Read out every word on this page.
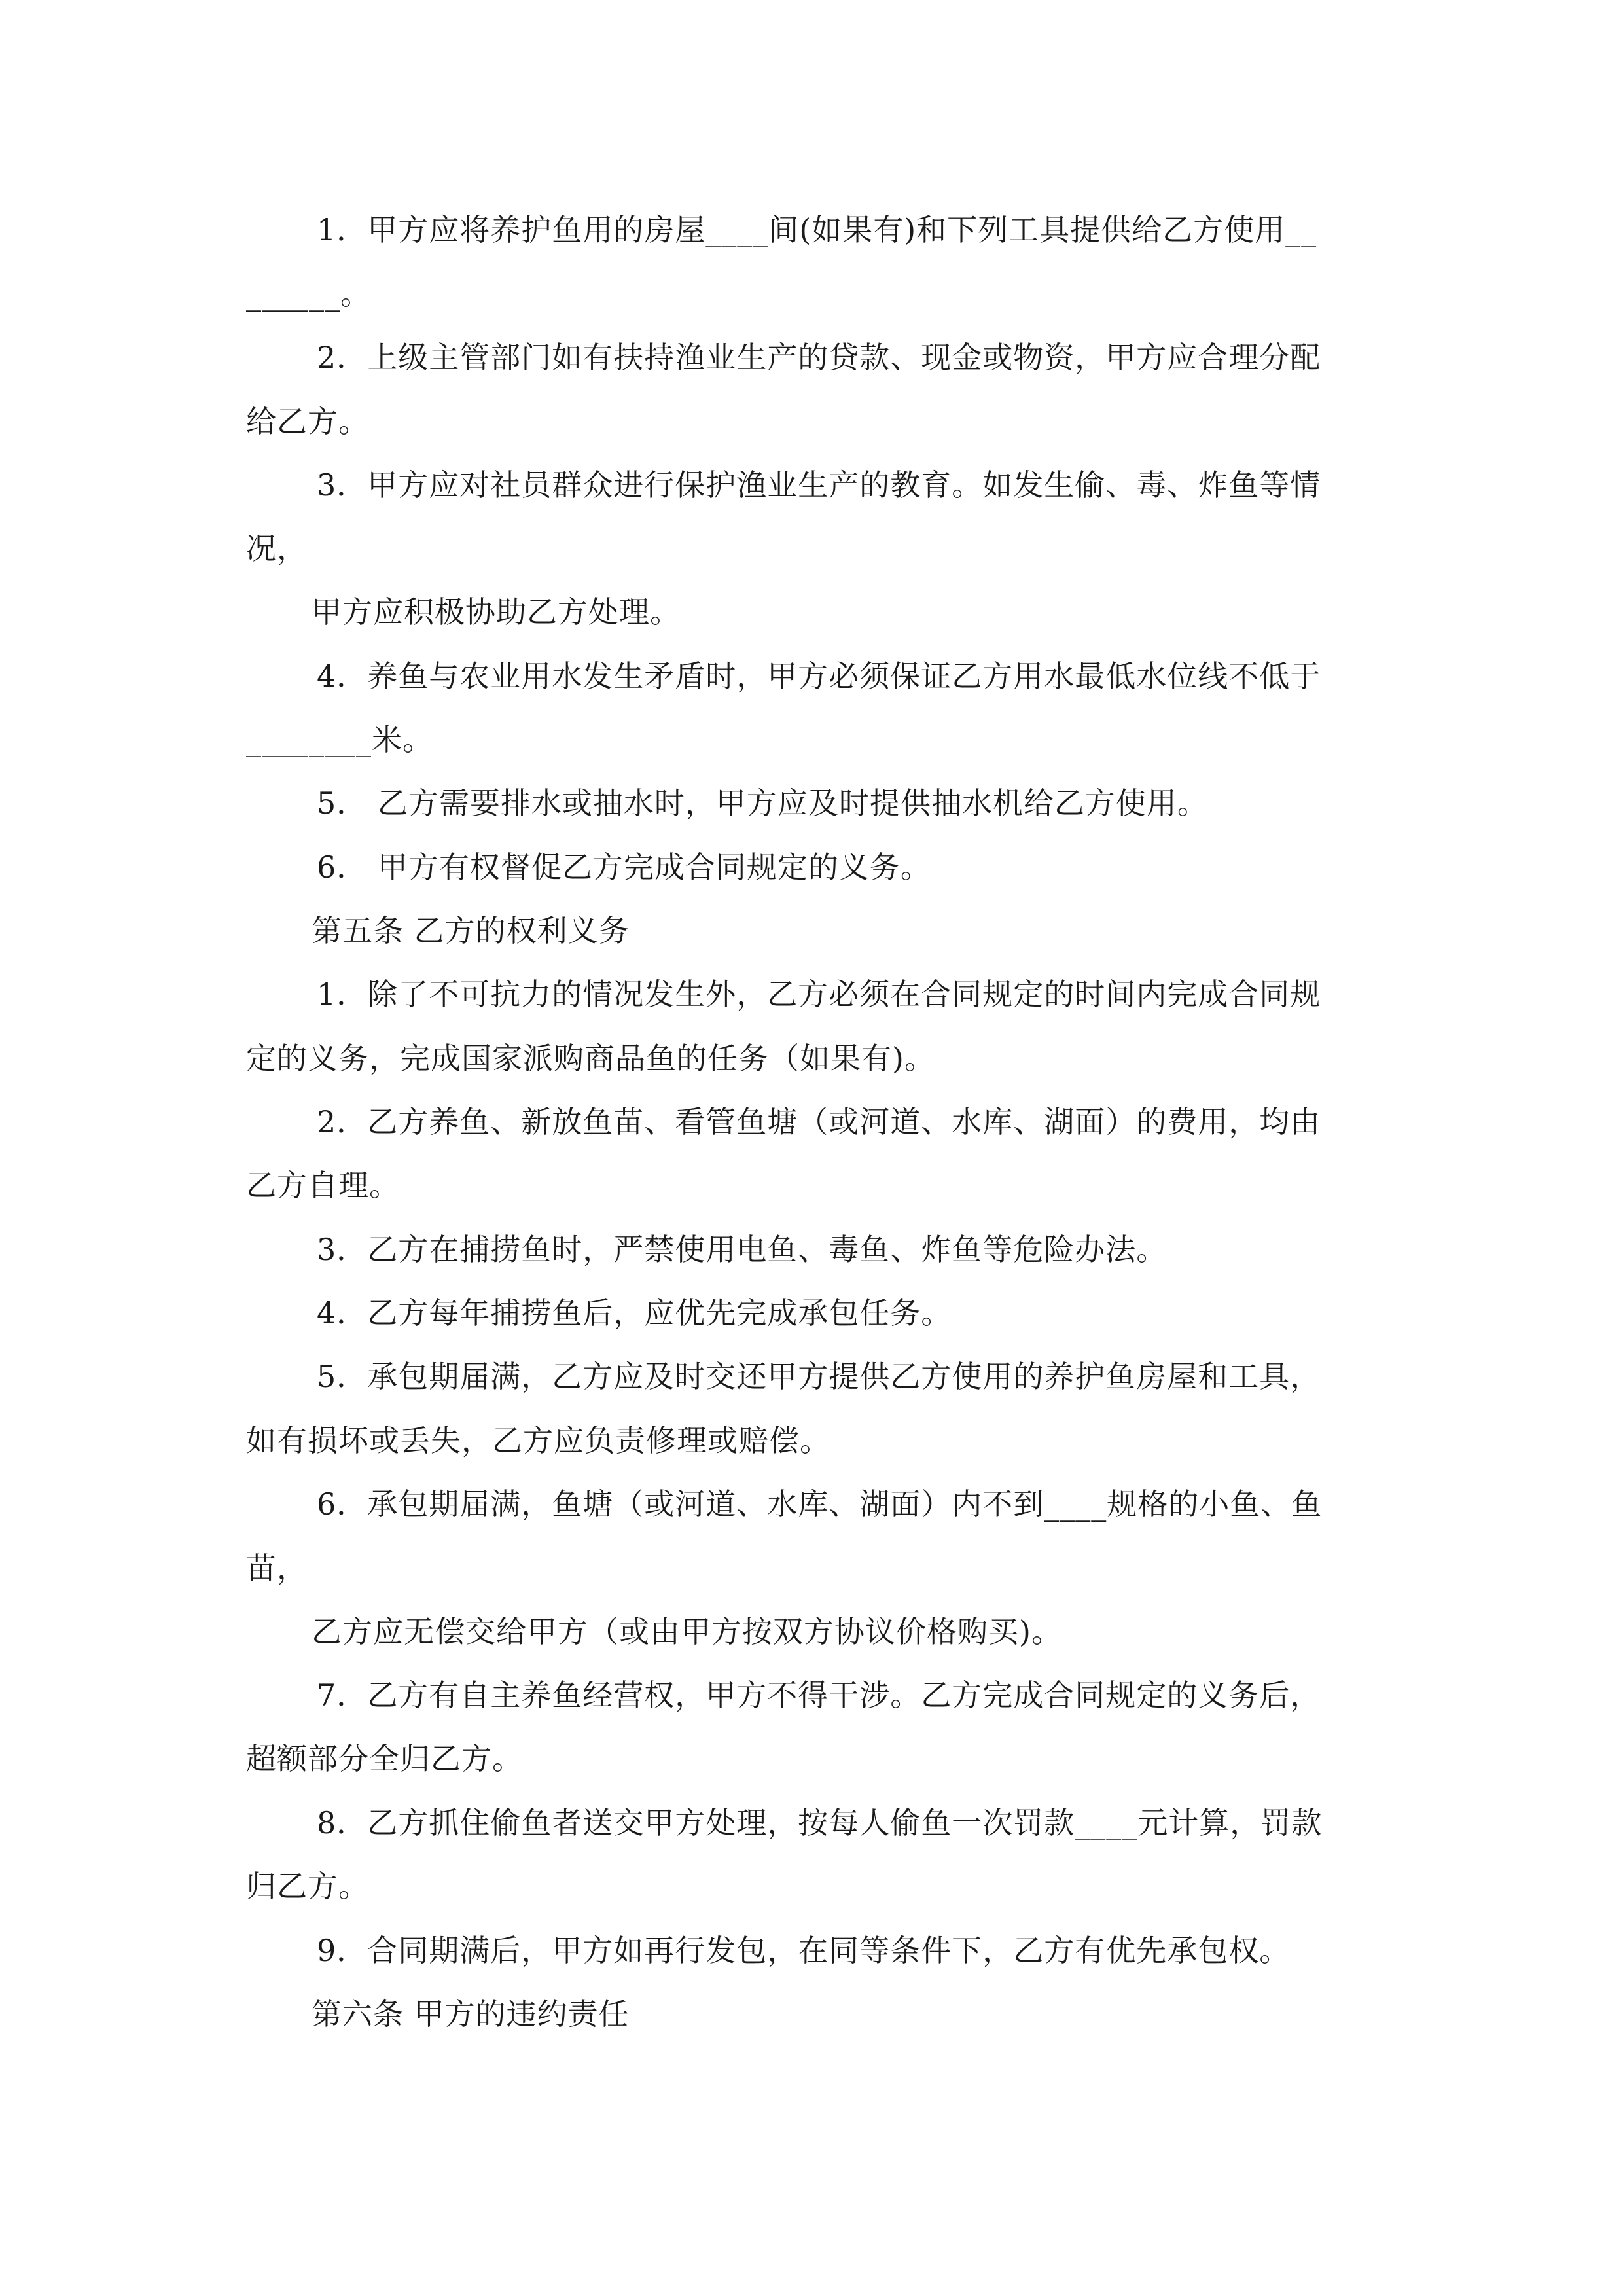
1．甲方应将养护鱼用的房屋____间(如果有)和下列工具提供给乙方使用__
______。
2．上级主管部门如有扶持渔业生产的贷款、现金或物资，甲方应合理分配
给乙方。
3．甲方应对社员群众进行保护渔业生产的教育。如发生偷、毒、炸鱼等情
况，
甲方应积极协助乙方处理。
4．养鱼与农业用水发生矛盾时，甲方必须保证乙方用水最低水位线不低于
________米。
5． 乙方需要排水或抽水时，甲方应及时提供抽水机给乙方使用。
6． 甲方有权督促乙方完成合同规定的义务。
第五条 乙方的权利义务
1．除了不可抗力的情况发生外，乙方必须在合同规定的时间内完成合同规
定的义务，完成国家派购商品鱼的任务（如果有)。
2．乙方养鱼、新放鱼苗、看管鱼塘（或河道、水库、湖面）的费用，均由
乙方自理。
3．乙方在捕捞鱼时，严禁使用电鱼、毒鱼、炸鱼等危险办法。
4．乙方每年捕捞鱼后，应优先完成承包任务。
5．承包期届满，乙方应及时交还甲方提供乙方使用的养护鱼房屋和工具，
如有损坏或丢失，乙方应负责修理或赔偿。
6．承包期届满，鱼塘（或河道、水库、湖面）内不到____规格的小鱼、鱼
苗，
乙方应无偿交给甲方（或由甲方按双方协议价格购买)。
7．乙方有自主养鱼经营权，甲方不得干涉。乙方完成合同规定的义务后，
超额部分全归乙方。
8．乙方抓住偷鱼者送交甲方处理，按每人偷鱼一次罚款____元计算，罚款
归乙方。
9．合同期满后，甲方如再行发包，在同等条件下，乙方有优先承包权。
第六条 甲方的违约责任
